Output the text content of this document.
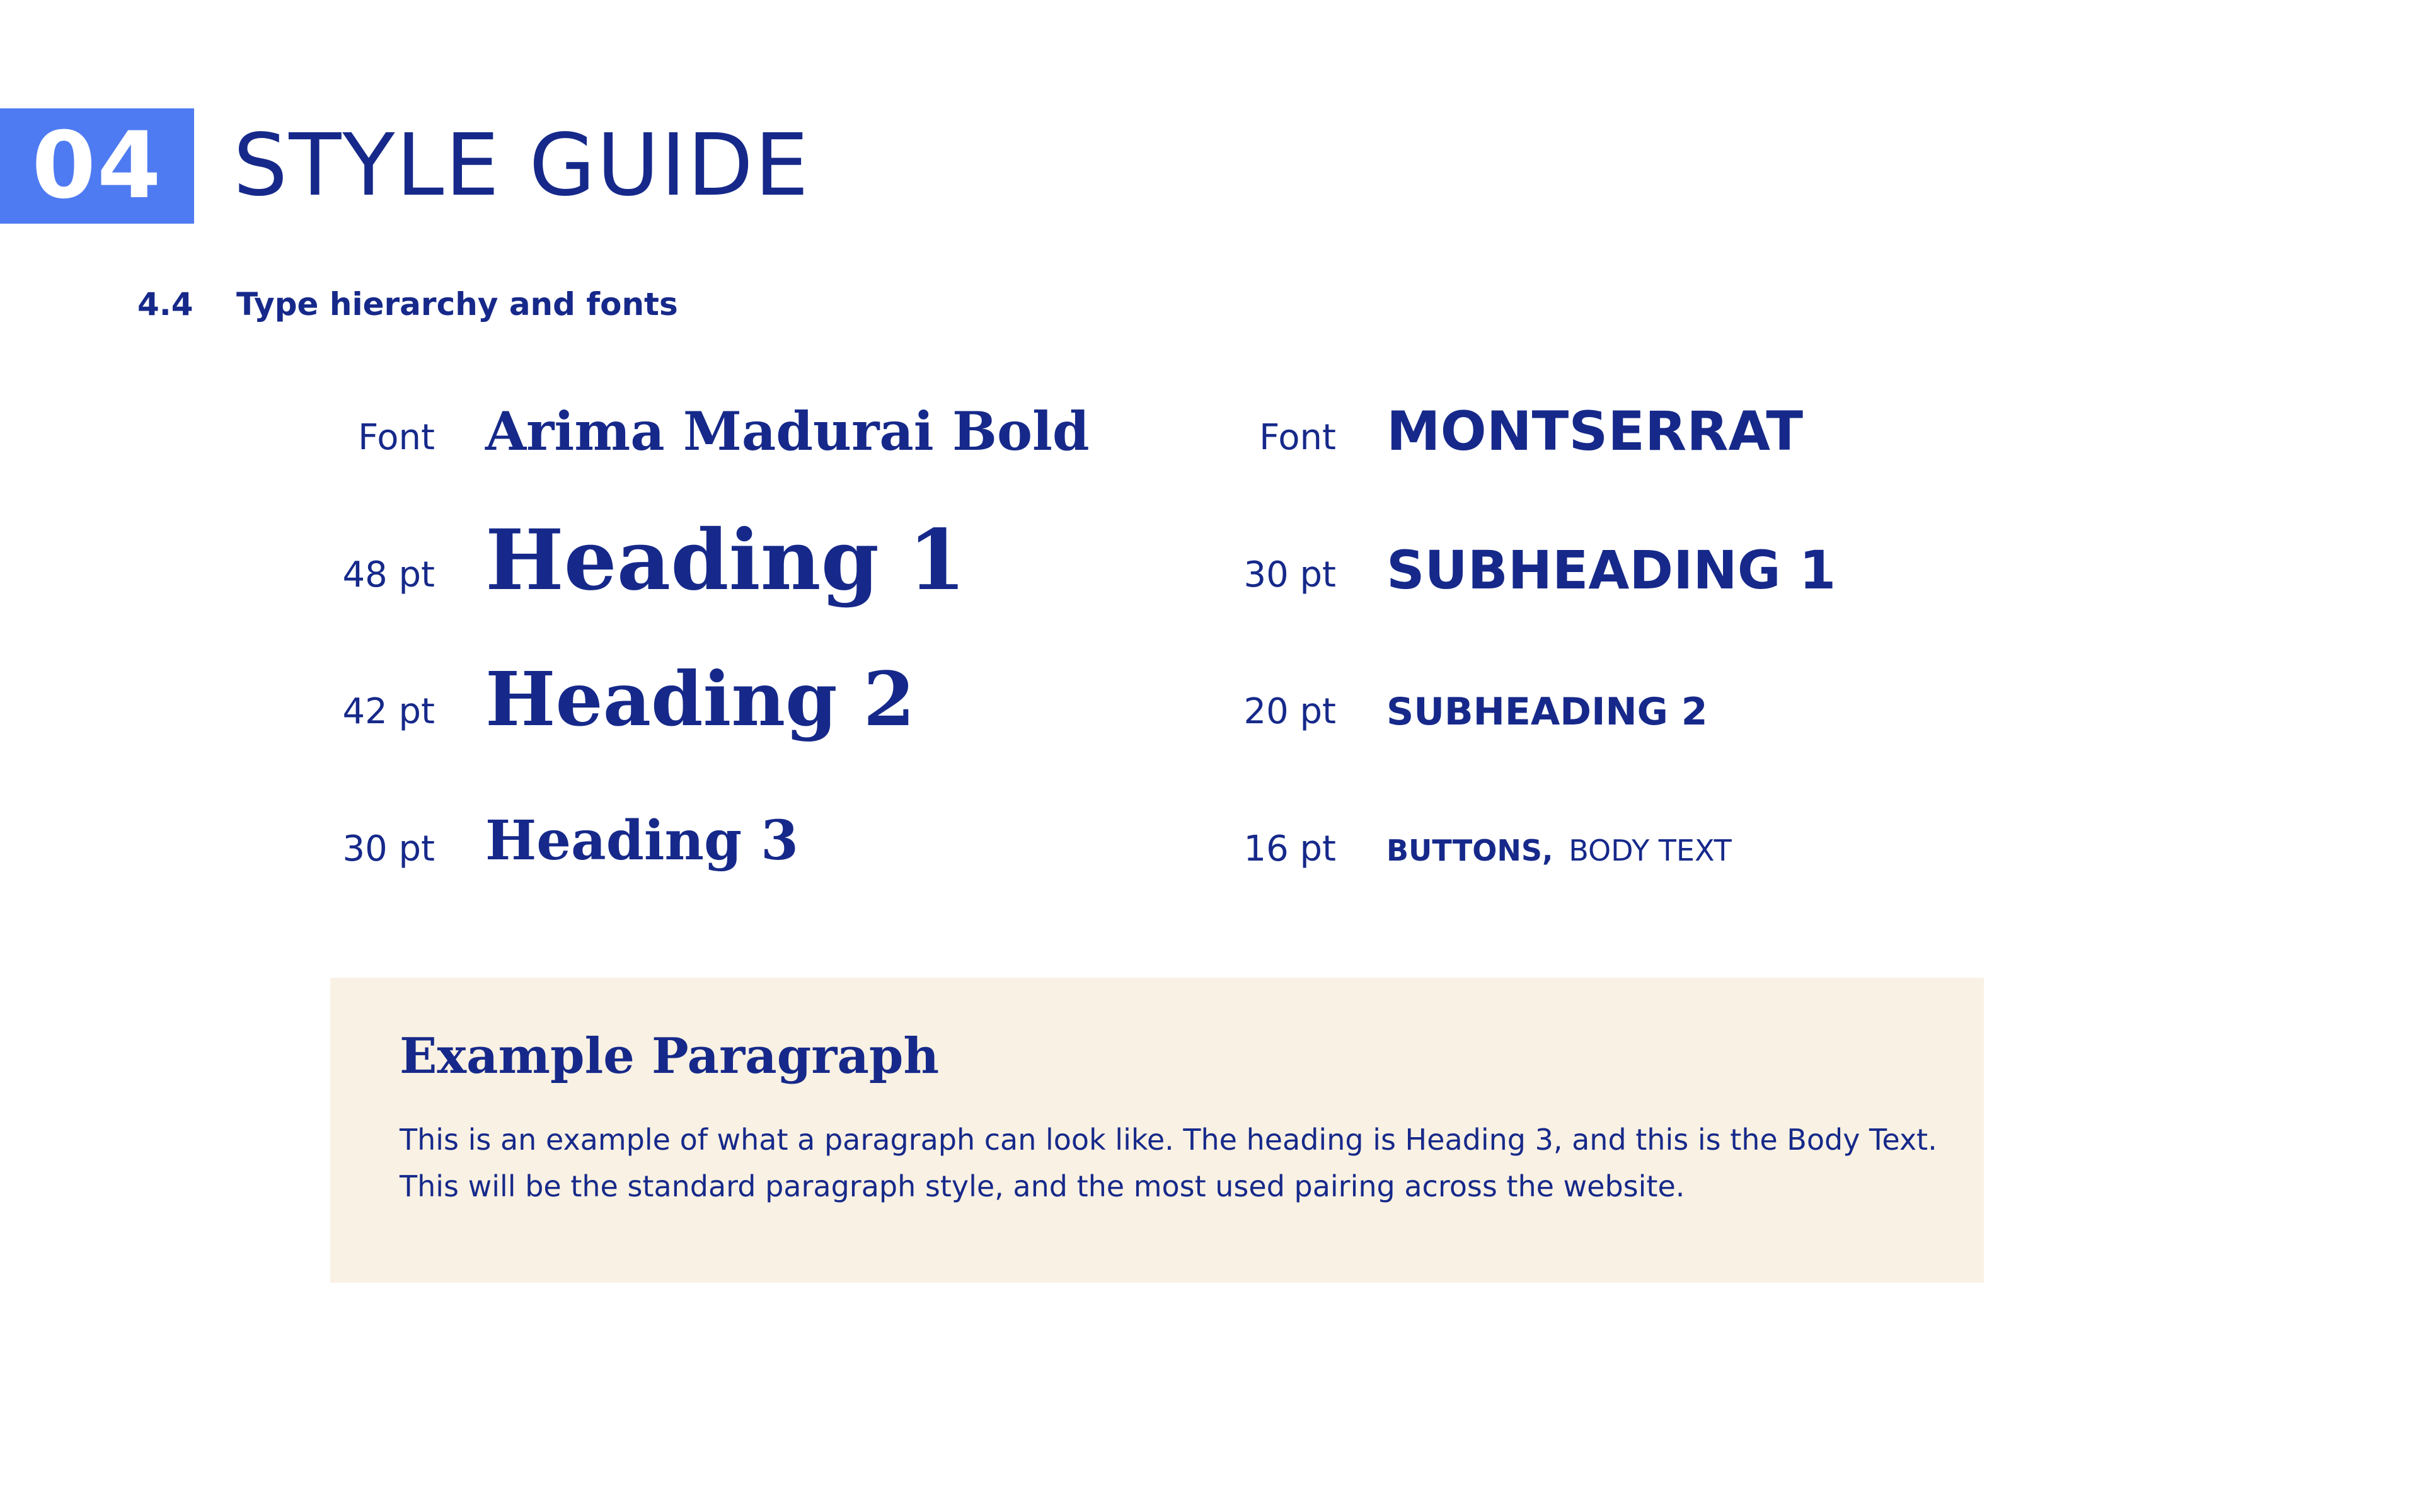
04 STYLE GUIDE
4.4 Type hierarchy and fonts
Font Arima Madurai Bold
48 pt Heading 1
42 pt Heading 2
30 pt Heading 3
Font MONTSERRAT
30 pt SUBHEADING 1
20 pt SUBHEADING 2
16 pt BUTTONS, BODY TEXT
Example Paragraph
This is an example of what a paragraph can look like. The heading is Heading 3, and this is the Body Text. This will be the standard paragraph style, and the most used pairing across the website.
